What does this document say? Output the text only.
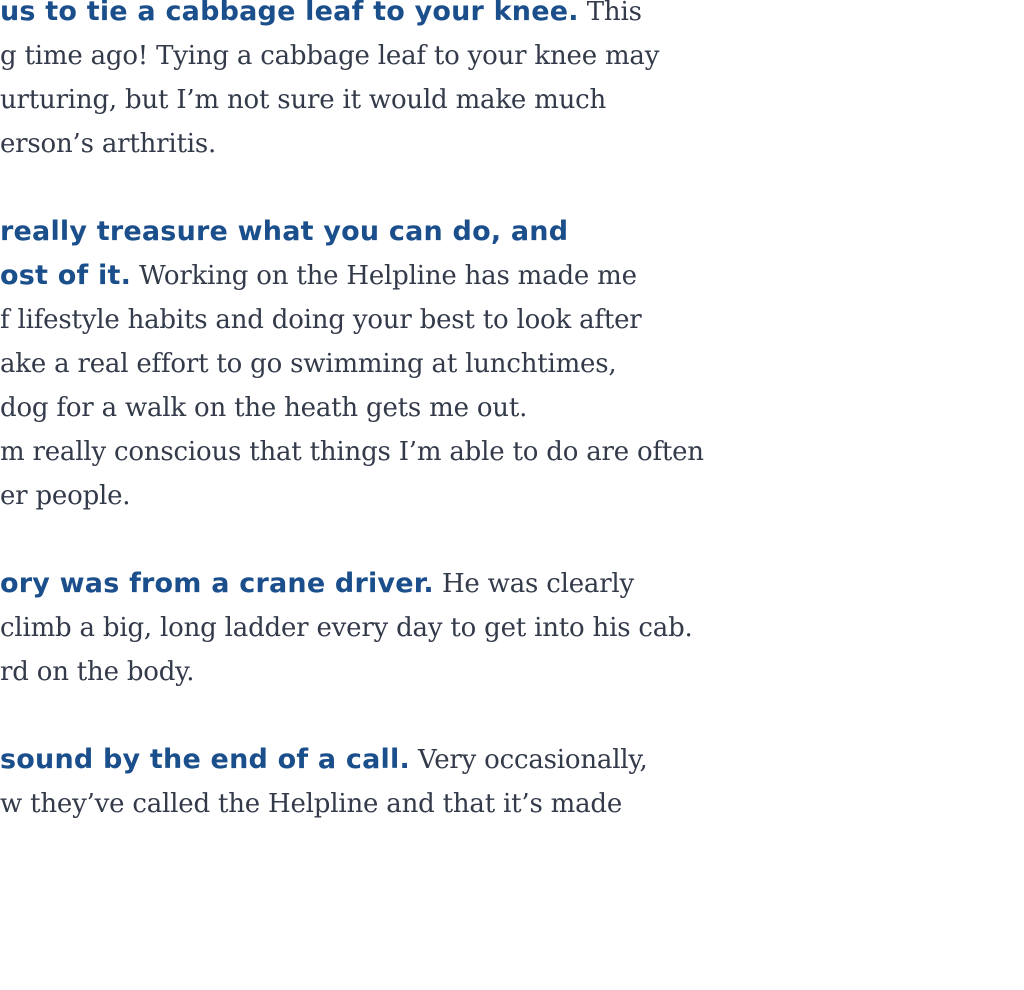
us to tie a cabbage leaf to your knee. This
g time ago! Tying a cabbage leaf to your knee may
urturing, but I’m not sure it would make much
erson’s arthritis.
really treasure what you can do, and
ost of it. Working on the Helpline has made me
f lifestyle habits and doing your best to look after
ake a real effort to go swimming at lunchtimes,
dog for a walk on the heath gets me out.
m really conscious that things I’m able to do are often
er people.
ory was from a crane driver. He was clearly
climb a big, long ladder every day to get into his cab.
rd on the body.
sound by the end of a call. Very occasionally,
w they’ve called the Helpline and that it’s made
